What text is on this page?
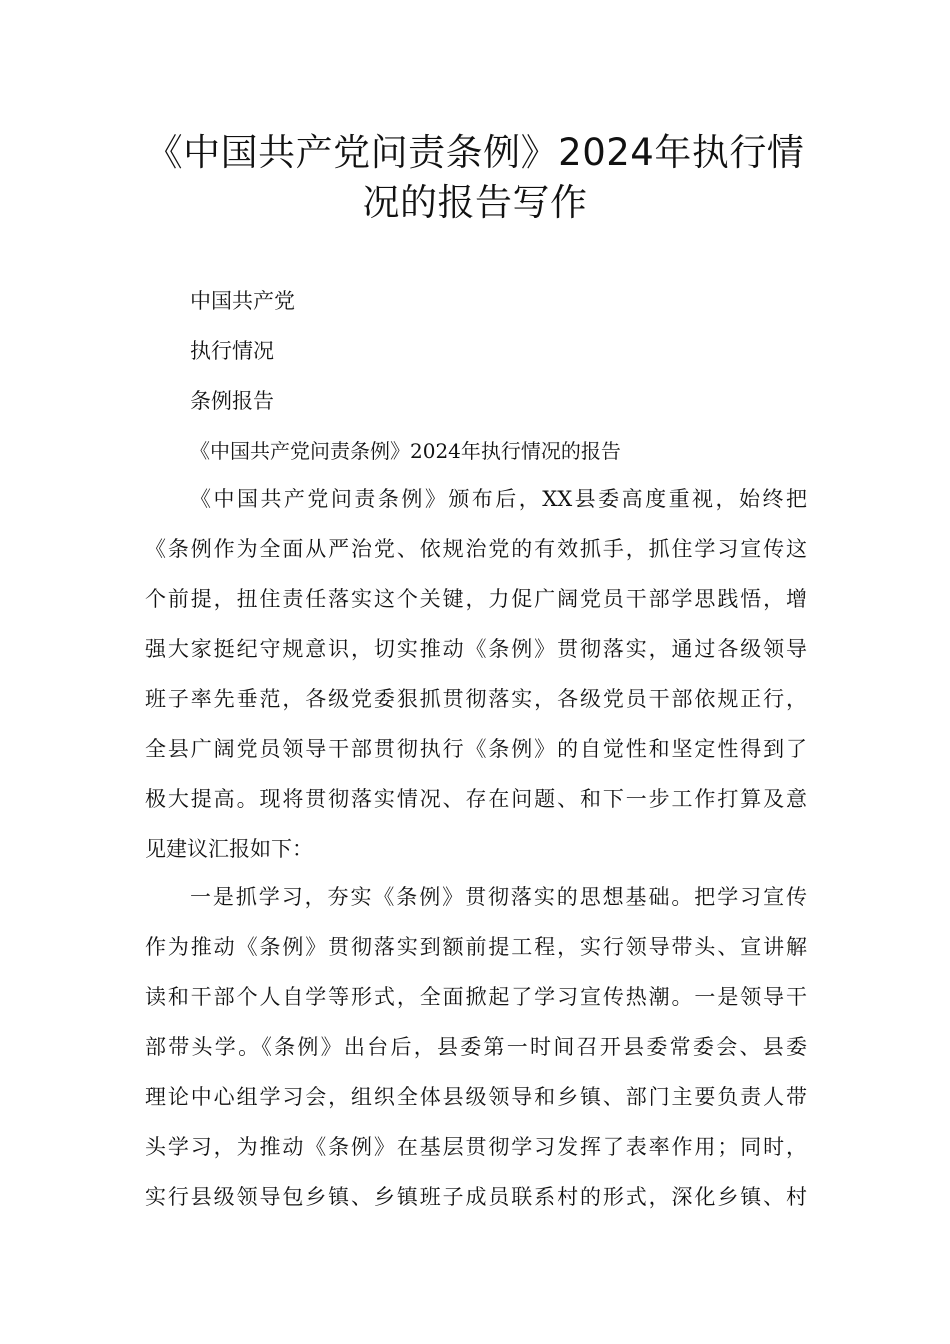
《中国共产党问责条例》2024年执行情
况的报告写作
中国共产党
执行情况
条例报告
《中国共产党问责条例》2024年执行情况的报告
《中国共产党问责条例》颁布后，XX县委高度重视，始终把
《条例作为全面从严治党、依规治党的有效抓手，抓住学习宣传这
个前提，扭住责任落实这个关键，力促广阔党员干部学思践悟，增
强大家挺纪守规意识，切实推动《条例》贯彻落实，通过各级领导
班子率先垂范，各级党委狠抓贯彻落实，各级党员干部依规正行，
全县广阔党员领导干部贯彻执行《条例》的自觉性和坚定性得到了
极大提高。现将贯彻落实情况、存在问题、和下一步工作打算及意
见建议汇报如下：
一是抓学习，夯实《条例》贯彻落实的思想基础。把学习宣传
作为推动《条例》贯彻落实到额前提工程，实行领导带头、宣讲解
读和干部个人自学等形式，全面掀起了学习宣传热潮。一是领导干
部带头学。《条例》出台后，县委第一时间召开县委常委会、县委
理论中心组学习会，组织全体县级领导和乡镇、部门主要负责人带
头学习，为推动《条例》在基层贯彻学习发挥了表率作用；同时，
实行县级领导包乡镇、乡镇班子成员联系村的形式，深化乡镇、村
